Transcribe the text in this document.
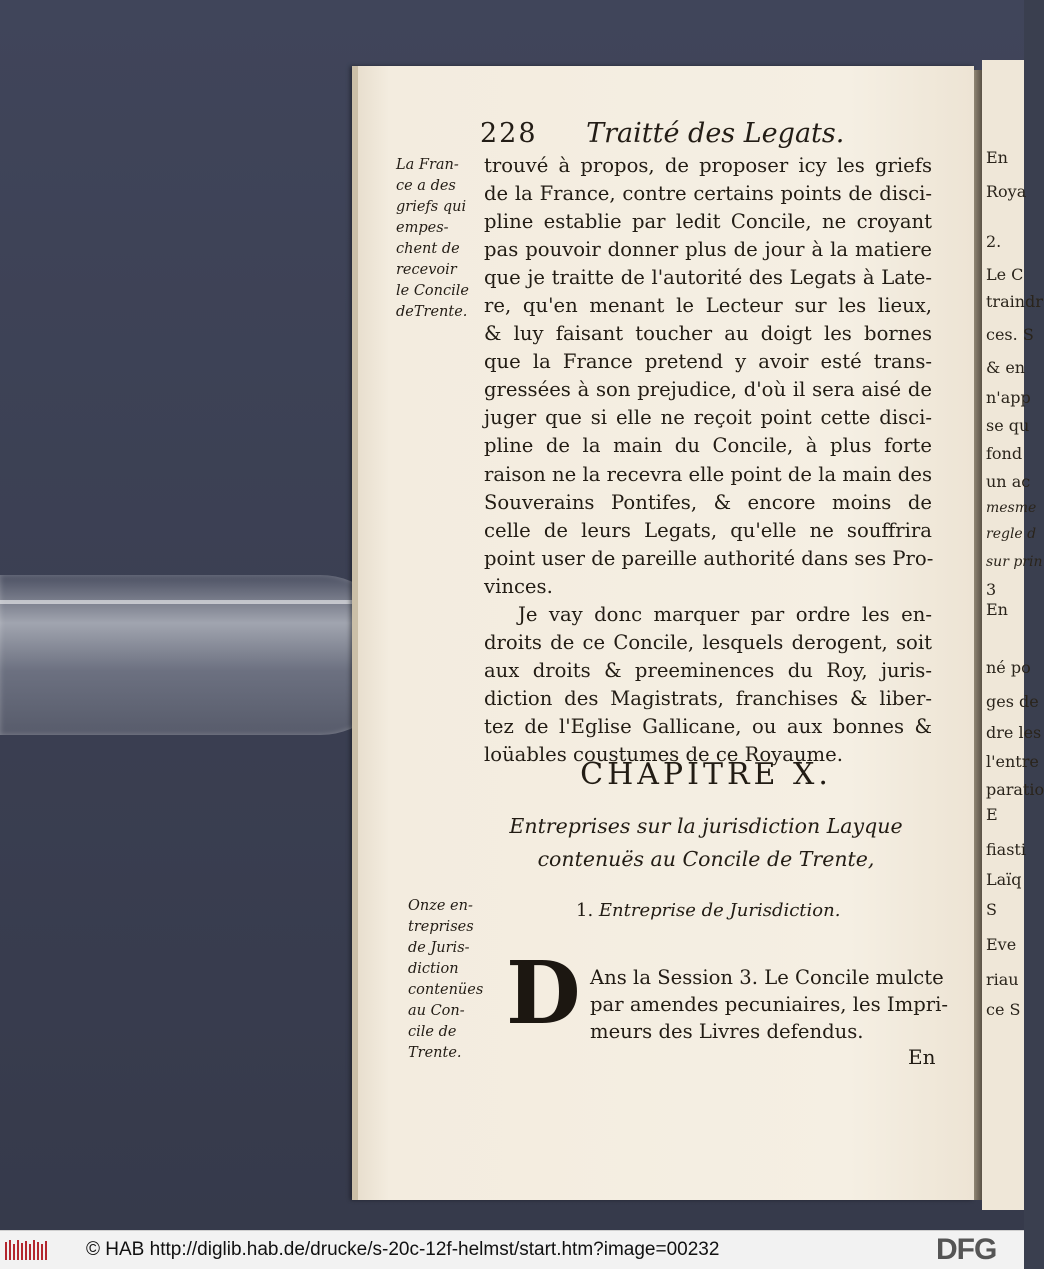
En
Roya
2.
Le C
traindr
ces. S
& en
n'app
se qu
fond
un ac
mesme
regle d
sur prin
3
En
né po
ges de
dre les
l'entre
paratio
E
fiasti
Laïq
S
Eve
riau
ce S
228 Traitté des Legats.
La Fran-
ce a des
griefs qui
empes-
chent de
recevoir
le Concile
deTrente.
trouvé à propos, de proposer icy les griefs
de la France, contre certains points de disci-
pline establie par ledit Concile, ne croyant
pas pouvoir donner plus de jour à la matiere
que je traitte de l'autorité des Legats à Late-
re, qu'en menant le Lecteur sur les lieux,
& luy faisant toucher au doigt les bornes
que la France pretend y avoir esté trans-
gressées à son prejudice, d'où il sera aisé de
juger que si elle ne reçoit point cette disci-
pline de la main du Concile, à plus forte
raison ne la recevra elle point de la main des
Souverains Pontifes, & encore moins de
celle de leurs Legats, qu'elle ne souffrira
point user de pareille authorité dans ses Pro-
vinces.
Je vay donc marquer par ordre les en-
droits de ce Concile, lesquels derogent, soit
aux droits & preeminences du Roy, juris-
diction des Magistrats, franchises & liber-
tez de l'Eglise Gallicane, ou aux bonnes &
loüables coustumes de ce Royaume.
CHAPITRE X.
Entreprises sur la jurisdiction Layque
contenuës au Concile de Trente,
Onze en-
treprises
de Juris-
diction
contenües
au Con-
cile de
Trente.
1. Entreprise de Jurisdiction.
D Ans la Session 3. Le Concile mulcte
par amendes pecuniaires, les Impri-
meurs des Livres defendus.
En
© HAB http://diglib.hab.de/drucke/s-20c-12f-helmst/start.htm?image=00232	DFG
